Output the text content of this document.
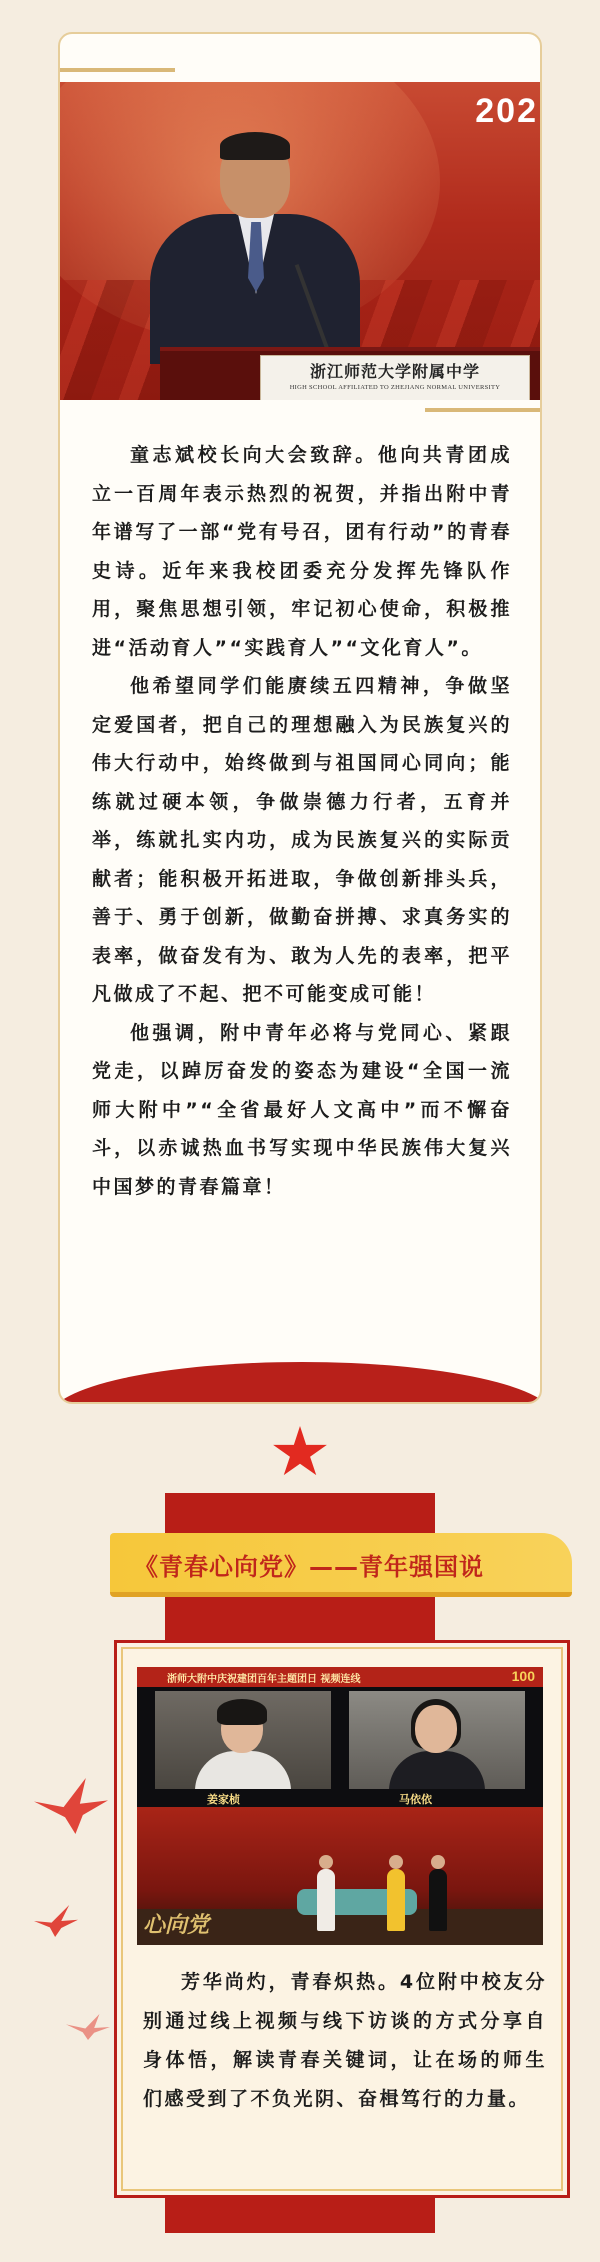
202
浙江师范大学附属中学
HIGH SCHOOL AFFILIATED TO ZHEJIANG NORMAL UNIVERSITY

童志斌校长向大会致辞。他向共青团成立一百周年表示热烈的祝贺，并指出附中青年谱写了一部“党有号召，团有行动”的青春史诗。近年来我校团委充分发挥先锋队作用，聚焦思想引领，牢记初心使命，积极推进“活动育人”“实践育人”“文化育人”。

他希望同学们能赓续五四精神，争做坚定爱国者，把自己的理想融入为民族复兴的伟大行动中，始终做到与祖国同心同向；能练就过硬本领，争做崇德力行者，五育并举，练就扎实内功，成为民族复兴的实际贡献者；能积极开拓进取，争做创新排头兵，善于、勇于创新，做勤奋拼搏、求真务实的表率，做奋发有为、敢为人先的表率，把平凡做成了不起、把不可能变成可能！

他强调，附中青年必将与党同心、紧跟党走，以踔厉奋发的姿态为建设“全国一流师大附中”“全省最好人文高中”而不懈奋斗，以赤诚热血书写实现中华民族伟大复兴中国梦的青春篇章！

《青春心向党》——青年强国说
浙师大附中庆祝建团百年主题团日 视频连线	100
姜家桢	马依依
心向党

芳华尚灼，青春炽热。4位附中校友分别通过线上视频与线下访谈的方式分享自身体悟，解读青春关键词，让在场的师生们感受到了不负光阴、奋楫笃行的力量。
